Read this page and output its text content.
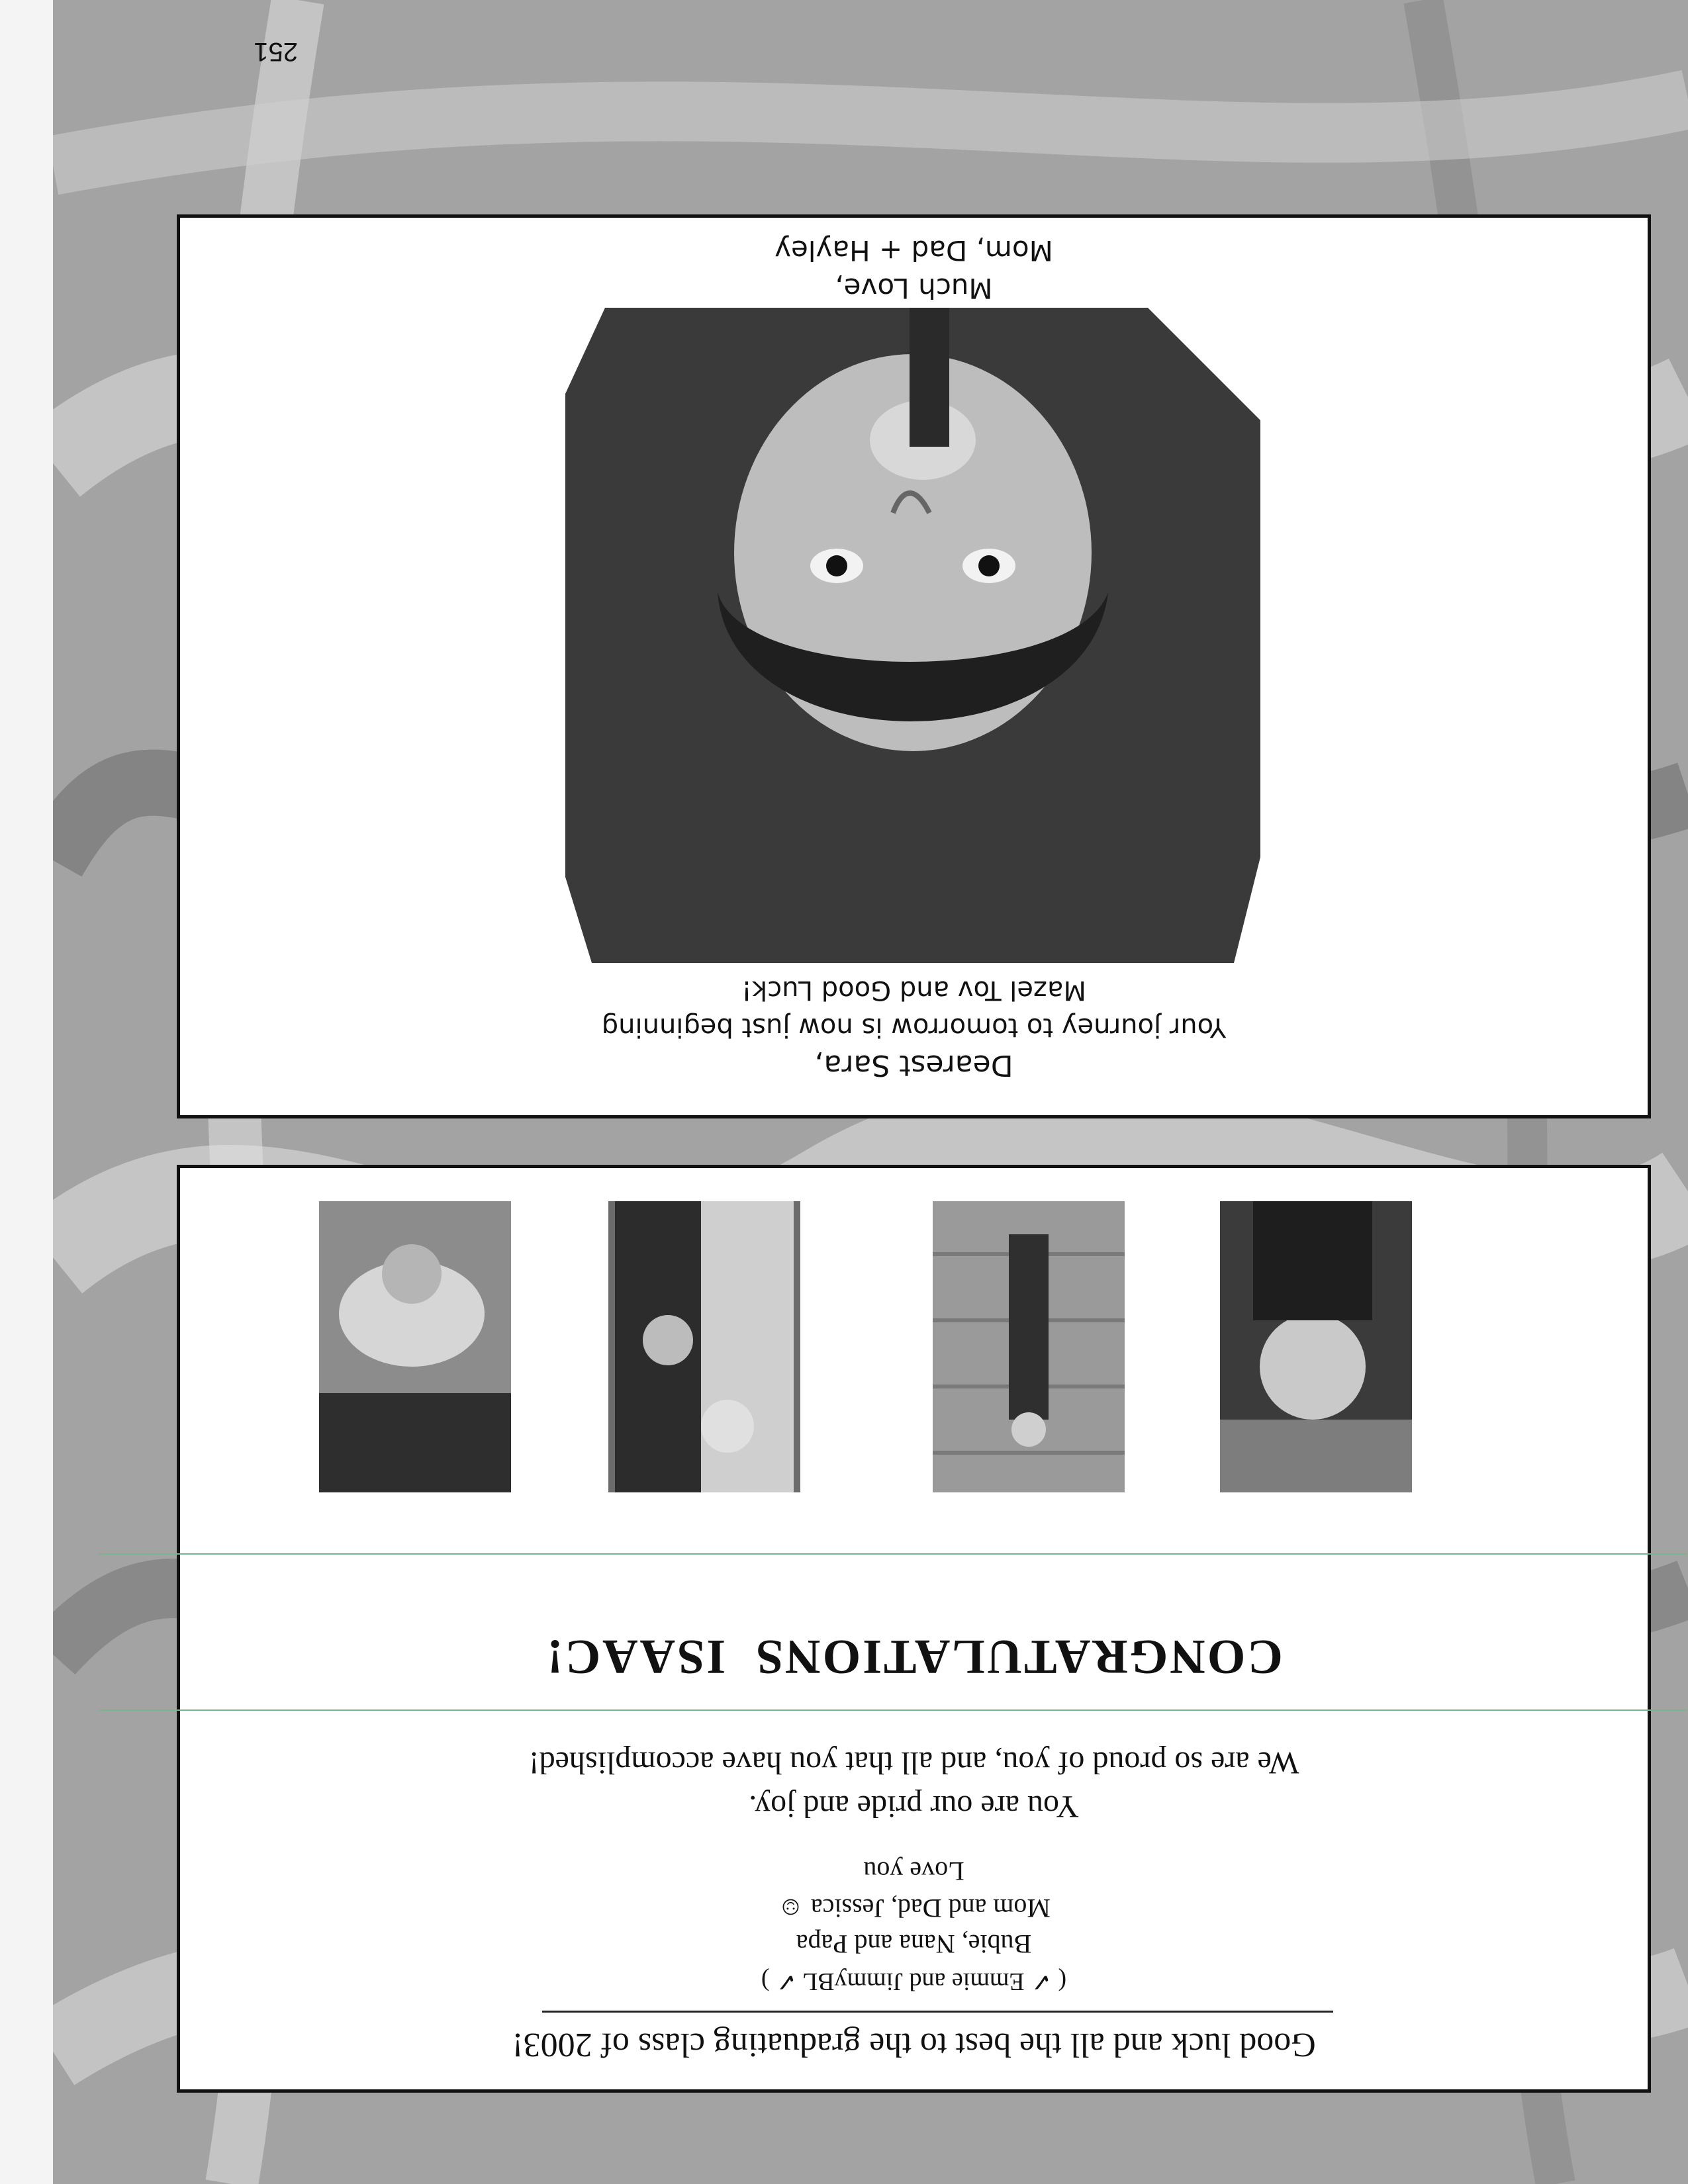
Dearest Sara,
Your journey to tomorrow is now just beginning
Mazel Tov and Good Luck!
Much Love,
Mom, Dad + Hayley
Good luck and all the best to the graduating class of 2003!
( ✓ Emmie and JimmyBL ✓ )
Bubie, Nana and Papa
Mom and Dad, Jessica ☺
Love you
You are our pride and joy.
We are so proud of you, and all that you have accomplished!
CONGRATULATIONS  ISAAC!
251
